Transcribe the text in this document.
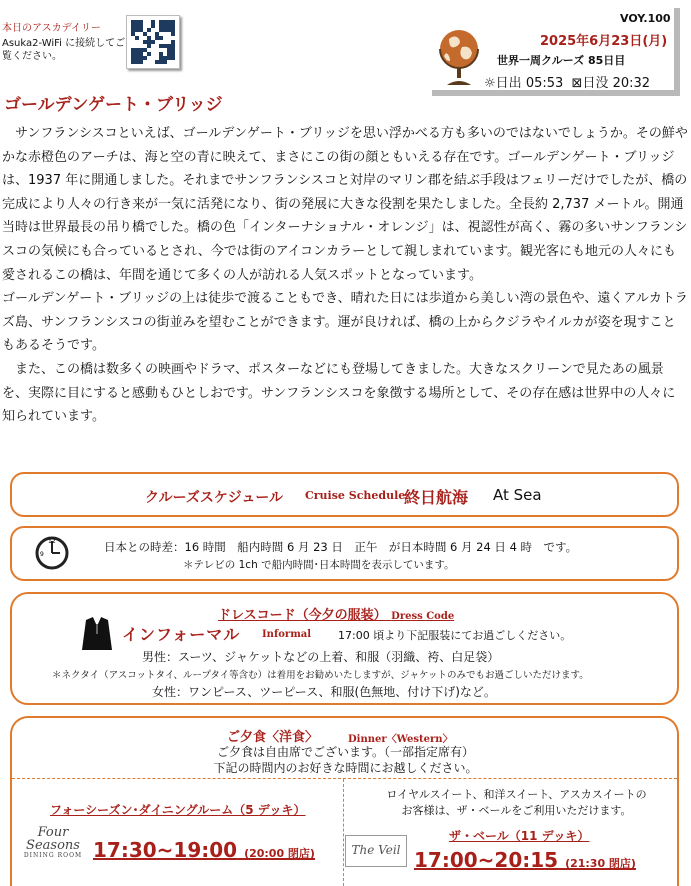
本日のアスカデイリー
Asuka2-WiFi に接続してご覧ください。
VOY.100
2025年6月23日(月)
世界一周クルーズ 85日目
☼日出 05:53 ⊠日没 20:32
ゴールデンゲート・ブリッジ

　サンフランシスコといえば、ゴールデンゲート・ブリッジを思い浮かべる方も多いのではないでしょうか。その鮮やかな赤橙色のアーチは、海と空の青に映えて、まさにこの街の顔ともいえる存在です。ゴールデンゲート・ブリッジは、1937 年に開通しました。それまでサンフランシスコと対岸のマリン郡を結ぶ手段はフェリーだけでしたが、橋の完成により人々の行き来が一気に活発になり、街の発展に大きな役割を果たしました。全長約 2,737 メートル。開通当時は世界最長の吊り橋でした。橋の色「インターナショナル・オレンジ」は、視認性が高く、霧の多いサンフランシスコの気候にも合っているとされ、今では街のアイコンカラーとして親しまれています。観光客にも地元の人々にも愛されるこの橋は、年間を通じて多くの人が訪れる人気スポットとなっています。

ゴールデンゲート・ブリッジの上は徒歩で渡ることもでき、晴れた日には歩道から美しい湾の景色や、遠くアルカトラズ島、サンフランシスコの街並みを望むことができます。運が良ければ、橋の上からクジラやイルカが姿を現すこともあるそうです。

　また、この橋は数多くの映画やドラマ、ポスターなどにも登場してきました。大きなスクリーンで見たあの風景を、実際に目にすると感動もひとしおです。サンフランシスコを象徴する場所として、その存在感は世界中の人々に知られています。

クルーズスケジュール Cruise Schedule
終日航海 At Sea
12
9
日本との時差：16 時間　船内時間 6 月 23 日　正午　が日本時間 6 月 24 日 4 時　です。
＊テレビの 1ch で船内時間･日本時間を表示しています。
ドレスコード（今夕の服装） Dress Code
インフォーマル Informal 17:00 頃より下記服装にてお過ごしください。
男性：スーツ、ジャケットなどの上着、和服（羽織、袴、白足袋）
＊ネクタイ（アスコットタイ、ループタイ等含む）は着用をお勧めいたしますが、ジャケットのみでもお過ごしいただけます。
女性：ワンピース、ツーピース、和服(色無地、付け下げ)など。
ご夕食〈洋食〉	Dinner〈Western〉
ご夕食は自由席でございます。（一部指定席有）
下記の時間内のお好きな時間にお越しください。
フォーシーズン･ダイニングルーム（5 デッキ）
Four
Seasons
DINING ROOM 17:30~19:00 (20:00 閉店)
ロイヤルスイート、和洋スイート、アスカスイートの
お客様は、ザ・ベールをご利用いただけます。
ザ・ベール（11 デッキ）
The Veil 17:00~20:15 (21:30 閉店)
